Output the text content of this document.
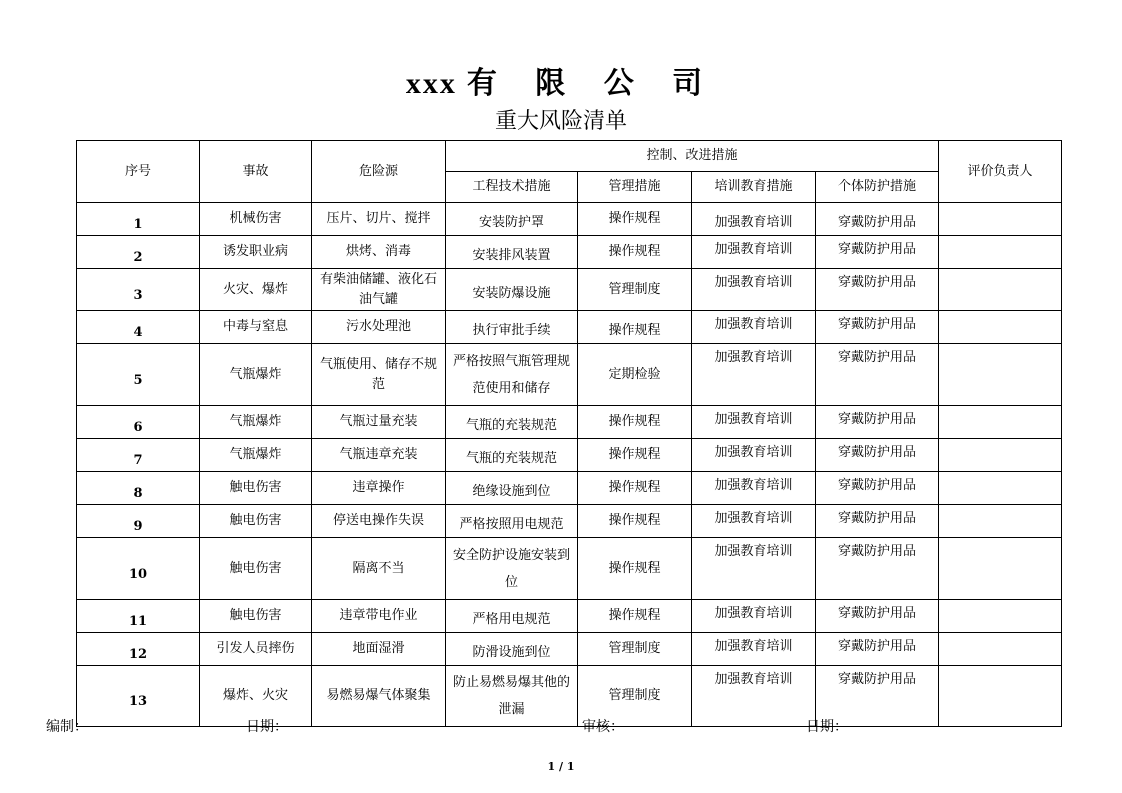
xxx 有 限 公 司
重大风险清单
序号	事故	危险源	控制、改进措施				评价负责人
			工程技术措施	管理措施	培训教育措施	个体防护措施	
1	机械伤害	压片、切片、搅拌	安装防护罩	操作规程	加强教育培训	穿戴防护用品	
2	诱发职业病	烘烤、消毒	安装排风装置	操作规程	加强教育培训	穿戴防护用品	
3	火灾、爆炸	有柴油储罐、液化石油气罐	安装防爆设施	管理制度	加强教育培训	穿戴防护用品	
4	中毒与窒息	污水处理池	执行审批手续	操作规程	加强教育培训	穿戴防护用品	
5	气瓶爆炸	气瓶使用、储存不规范	严格按照气瓶管理规范使用和储存	定期检验	加强教育培训	穿戴防护用品	
6	气瓶爆炸	气瓶过量充装	气瓶的充装规范	操作规程	加强教育培训	穿戴防护用品	
7	气瓶爆炸	气瓶违章充装	气瓶的充装规范	操作规程	加强教育培训	穿戴防护用品	
8	触电伤害	违章操作	绝缘设施到位	操作规程	加强教育培训	穿戴防护用品	
9	触电伤害	停送电操作失误	严格按照用电规范	操作规程	加强教育培训	穿戴防护用品	
10	触电伤害	隔离不当	安全防护设施安装到位	操作规程	加强教育培训	穿戴防护用品	
11	触电伤害	违章带电作业	严格用电规范	操作规程	加强教育培训	穿戴防护用品	
12	引发人员摔伤	地面湿滑	防滑设施到位	管理制度	加强教育培训	穿戴防护用品	
13	爆炸、火灾	易燃易爆气体聚集	防止易燃易爆其他的泄漏	管理制度	加强教育培训	穿戴防护用品	
编制：	日期：	审核：	日期：
1 / 1
